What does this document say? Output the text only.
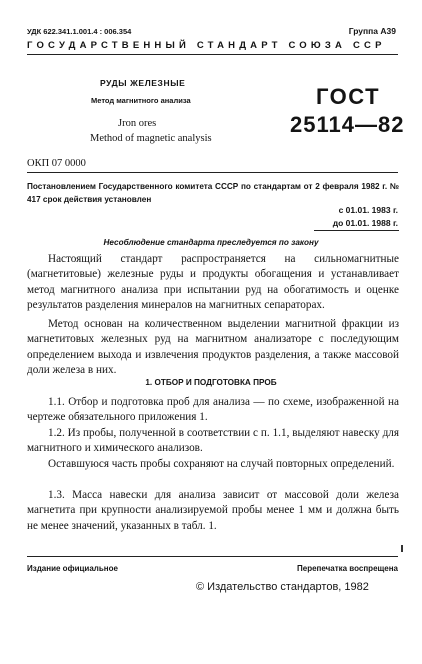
УДК 622.341.1.001.4 : 006.354	Группа А39
ГОСУДАРСТВЕННЫЙ СТАНДАРТ СОЮЗА ССР
РУДЫ ЖЕЛЕЗНЫЕ
Метод магнитного анализа
Jron ores
Method of magnetic analysis
ГОСТ
25114—82
ОКП 07 0000
Постановлением Государственного комитета СССР по стандартам от 2 февраля 1982 г. № 417 срок действия установлен
с 01.01. 1983 г.
до 01.01. 1988 г.
Несоблюдение стандарта преследуется по закону
Настоящий стандарт распространяется на сильномагнитные (магнетитовые) железные руды и продукты обогащения и устанавливает метод магнитного анализа при испытании руд на обогатимость и оценке результатов разделения минералов на магнитных сепараторах.
Метод основан на количественном выделении магнитной фракции из магнетитовых железных руд на магнитном анализаторе с последующим определением выхода и извлечения продуктов разделения, а также массовой доли железа в них.
1. ОТБОР И ПОДГОТОВКА ПРОБ
1.1. Отбор и подготовка проб для анализа — по схеме, изображенной на чертеже обязательного приложения 1.
1.2. Из пробы, полученной в соответствии с п. 1.1, выделяют навеску для магнитного и химического анализов.
Оставшуюся часть пробы сохраняют на случай повторных определений.
1.3. Масса навески для анализа зависит от массовой доли железа магнетита при крупности анализируемой пробы менее 1 мм и должна быть не менее значений, указанных в табл. 1.
Издание официальное	Перепечатка воспрещена
© Издательство стандартов, 1982
